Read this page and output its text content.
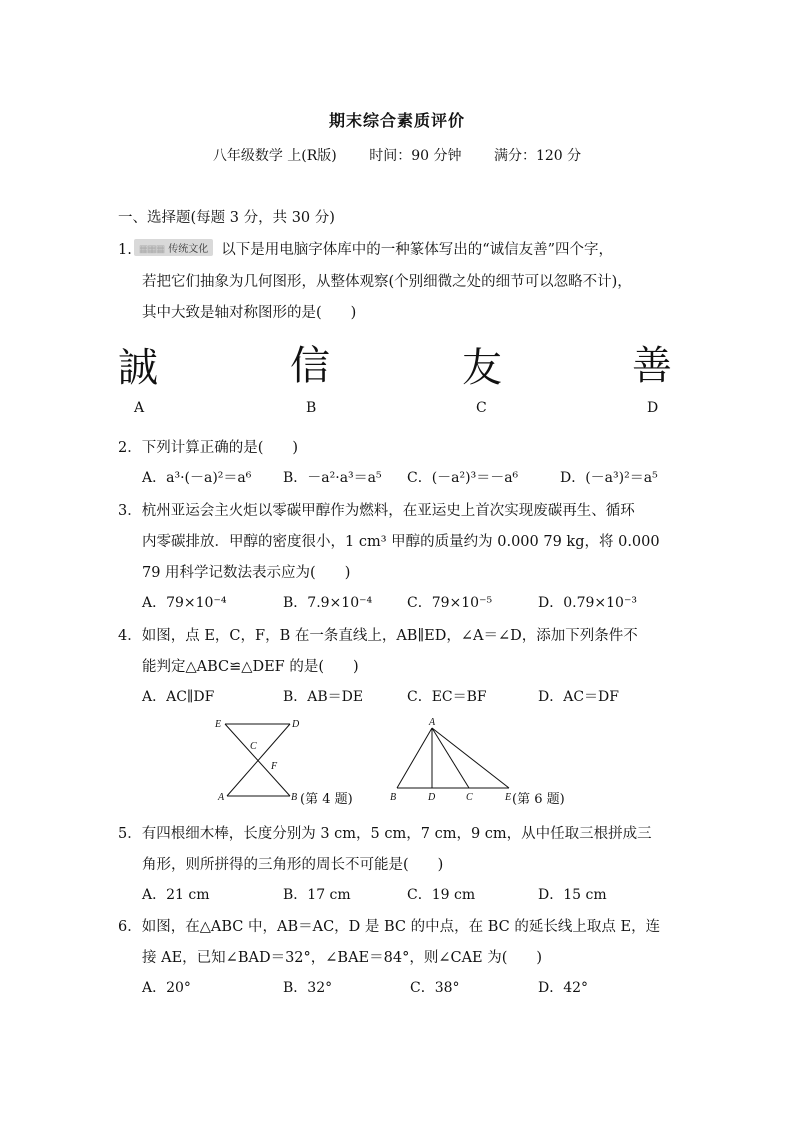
期末综合素质评价
八年级数学 上(R版) 时间：90 分钟 满分：120 分
一、选择题(每题 3 分，共 30 分)
1. ▦▦▦ 传统文化 以下是用电脑字体库中的一种篆体写出的“诚信友善”四个字，
若把它们抽象为几何图形，从整体观察(个别细微之处的细节可以忽略不计)，
其中大致是轴对称图形的是(　　)
誠	信	友	善
A	B	C	D
2．下列计算正确的是(　　)
A．a³·(－a)²＝a⁶ B．－a²·a³＝a⁵ C．(－a²)³＝－a⁶	D．(－a³)²＝a⁵
3．杭州亚运会主火炬以零碳甲醇作为燃料，在亚运史上首次实现废碳再生、循环
内零碳排放．甲醇的密度很小，1 cm³ 甲醇的质量约为 0.000 79 kg，将 0.000
79 用科学记数法表示应为(　　)
A．79×10⁻⁴	B．7.9×10⁻⁴ C．79×10⁻⁵	D．0.79×10⁻³
4．如图，点 E，C，F，B 在一条直线上，AB∥ED，∠A＝∠D，添加下列条件不
能判定△ABC≌△DEF 的是(　　)
A．AC∥DF	B．AB＝DE	C．EC＝BF	D．AC＝DF
E	D
C
F
A	B (第 4 题)
A
B	D	C	E (第 6 题)
5．有四根细木棒，长度分别为 3 cm，5 cm，7 cm，9 cm，从中任取三根拼成三
角形，则所拼得的三角形的周长不可能是(　　)
A．21 cm	B．17 cm	C．19 cm	D．15 cm
6．如图，在△ABC 中，AB＝AC，D 是 BC 的中点，在 BC 的延长线上取点 E，连
接 AE，已知∠BAD＝32°，∠BAE＝84°，则∠CAE 为(　　)
A．20°	B．32°	C．38°	D．42°
